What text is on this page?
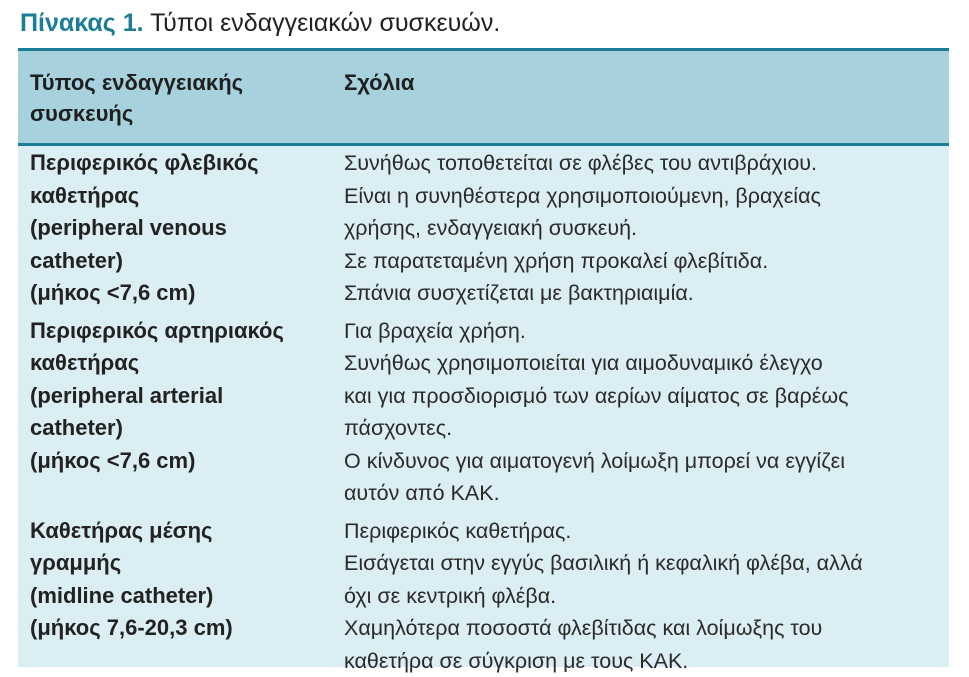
Πίνακας 1. Τύποι ενδαγγειακών συσκευών.
Τύπος ενδαγγειακής
συσκευής
Σχόλια
Περιφερικός φλεβικός
καθετήρας
(peripheral venous
catheter)
(μήκος <7,6 cm)
Συνήθως τοποθετείται σε φλέβες του αντιβράχιου.
Είναι η συνηθέστερα χρησιμοποιούμενη, βραχείας
χρήσης, ενδαγγειακή συσκευή.
Σε παρατεταμένη χρήση προκαλεί φλεβίτιδα.
Σπάνια συσχετίζεται με βακτηριαιμία.
Περιφερικός αρτηριακός
καθετήρας
(peripheral arterial
catheter)
(μήκος <7,6 cm)
Για βραχεία χρήση.
Συνήθως χρησιμοποιείται για αιμοδυναμικό έλεγχο
και για προσδιορισμό των αερίων αίματος σε βαρέως
πάσχοντες.
Ο κίνδυνος για αιματογενή λοίμωξη μπορεί να εγγίζει
αυτόν από ΚΑΚ.
Καθετήρας μέσης
γραμμής
(midline catheter)
(μήκος 7,6-20,3 cm)
Περιφερικός καθετήρας.
Εισάγεται στην εγγύς βασιλική ή κεφαλική φλέβα, αλλά
όχι σε κεντρική φλέβα.
Χαμηλότερα ποσοστά φλεβίτιδας και λοίμωξης του
καθετήρα σε σύγκριση με τους ΚΑΚ.
